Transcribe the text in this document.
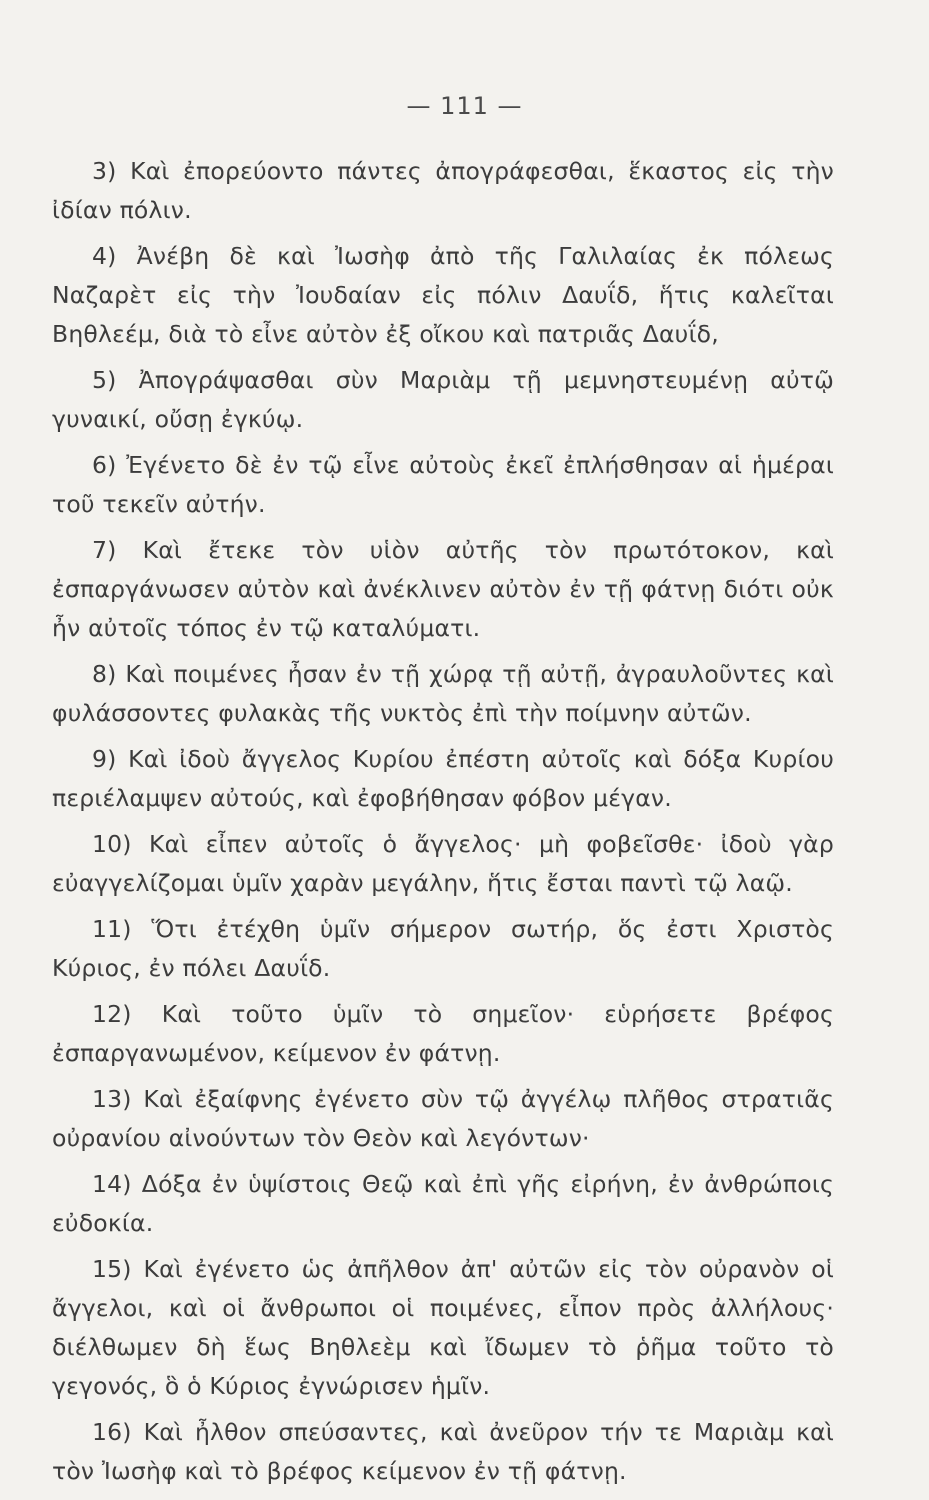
— 111 —

3) Καὶ ἐπορεύοντο πάντες ἀπογράφεσθαι, ἕκαστος εἰς τὴν ἰδίαν πόλιν.

4) Ἀνέβη δὲ καὶ Ἰωσὴφ ἀπὸ τῆς Γαλιλαίας ἐκ πόλεως Ναζαρὲτ εἰς τὴν Ἰουδαίαν εἰς πόλιν Δαυΐδ, ἥτις καλεῖται Βηθλεέμ, διὰ τὸ εἶνε αὐτὸν ἐξ οἴκου καὶ πατριᾶς Δαυΐδ,

5) Ἀπογράψασθαι σὺν Μαριὰμ τῇ μεμνηστευμένῃ αὐτῷ γυναικί, οὔσῃ ἐγκύῳ.

6) Ἐγένετο δὲ ἐν τῷ εἶνε αὐτοὺς ἐκεῖ ἐπλήσθησαν αἱ ἡμέραι τοῦ τεκεῖν αὐτήν.

7) Καὶ ἔτεκε τὸν υἱὸν αὐτῆς τὸν πρωτότοκον, καὶ ἐσπαργάνωσεν αὐτὸν καὶ ἀνέκλινεν αὐτὸν ἐν τῇ φάτνῃ διότι οὐκ ἦν αὐτοῖς τόπος ἐν τῷ καταλύματι.

8) Καὶ ποιμένες ἦσαν ἐν τῇ χώρᾳ τῇ αὐτῇ, ἀγραυλοῦντες καὶ φυλάσσοντες φυλακὰς τῆς νυκτὸς ἐπὶ τὴν ποίμνην αὐτῶν.

9) Καὶ ἰδοὺ ἄγγελος Κυρίου ἐπέστη αὐτοῖς καὶ δόξα Κυρίου περιέλαμψεν αὐτούς, καὶ ἐφοβήθησαν φόβον μέγαν.

10) Καὶ εἶπεν αὐτοῖς ὁ ἄγγελος· μὴ φοβεῖσθε· ἰδοὺ γὰρ εὐαγγελίζομαι ὑμῖν χαρὰν μεγάλην, ἥτις ἔσται παντὶ τῷ λαῷ.

11) Ὅτι ἐτέχθη ὑμῖν σήμερον σωτήρ, ὅς ἐστι Χριστὸς Κύριος, ἐν πόλει Δαυΐδ.

12) Καὶ τοῦτο ὑμῖν τὸ σημεῖον· εὑρήσετε βρέφος ἐσπαργανωμένον, κείμενον ἐν φάτνῃ.

13) Καὶ ἐξαίφνης ἐγένετο σὺν τῷ ἀγγέλῳ πλῆθος στρατιᾶς οὐρανίου αἰνούντων τὸν Θεὸν καὶ λεγόντων·

14) Δόξα ἐν ὑψίστοις Θεῷ καὶ ἐπὶ γῆς εἰρήνη, ἐν ἀνθρώποις εὐδοκία.

15) Καὶ ἐγένετο ὡς ἀπῆλθον ἀπ' αὐτῶν εἰς τὸν οὐρανὸν οἱ ἄγγελοι, καὶ οἱ ἄνθρωποι οἱ ποιμένες, εἶπον πρὸς ἀλλήλους· διέλθωμεν δὴ ἕως Βηθλεὲμ καὶ ἴδωμεν τὸ ῥῆμα τοῦτο τὸ γεγονός, ὃ ὁ Κύριος ἐγνώρισεν ἡμῖν.

16) Καὶ ἦλθον σπεύσαντες, καὶ ἀνεῦρον τήν τε Μαριὰμ καὶ τὸν Ἰωσὴφ καὶ τὸ βρέφος κείμενον ἐν τῇ φάτνῃ.
